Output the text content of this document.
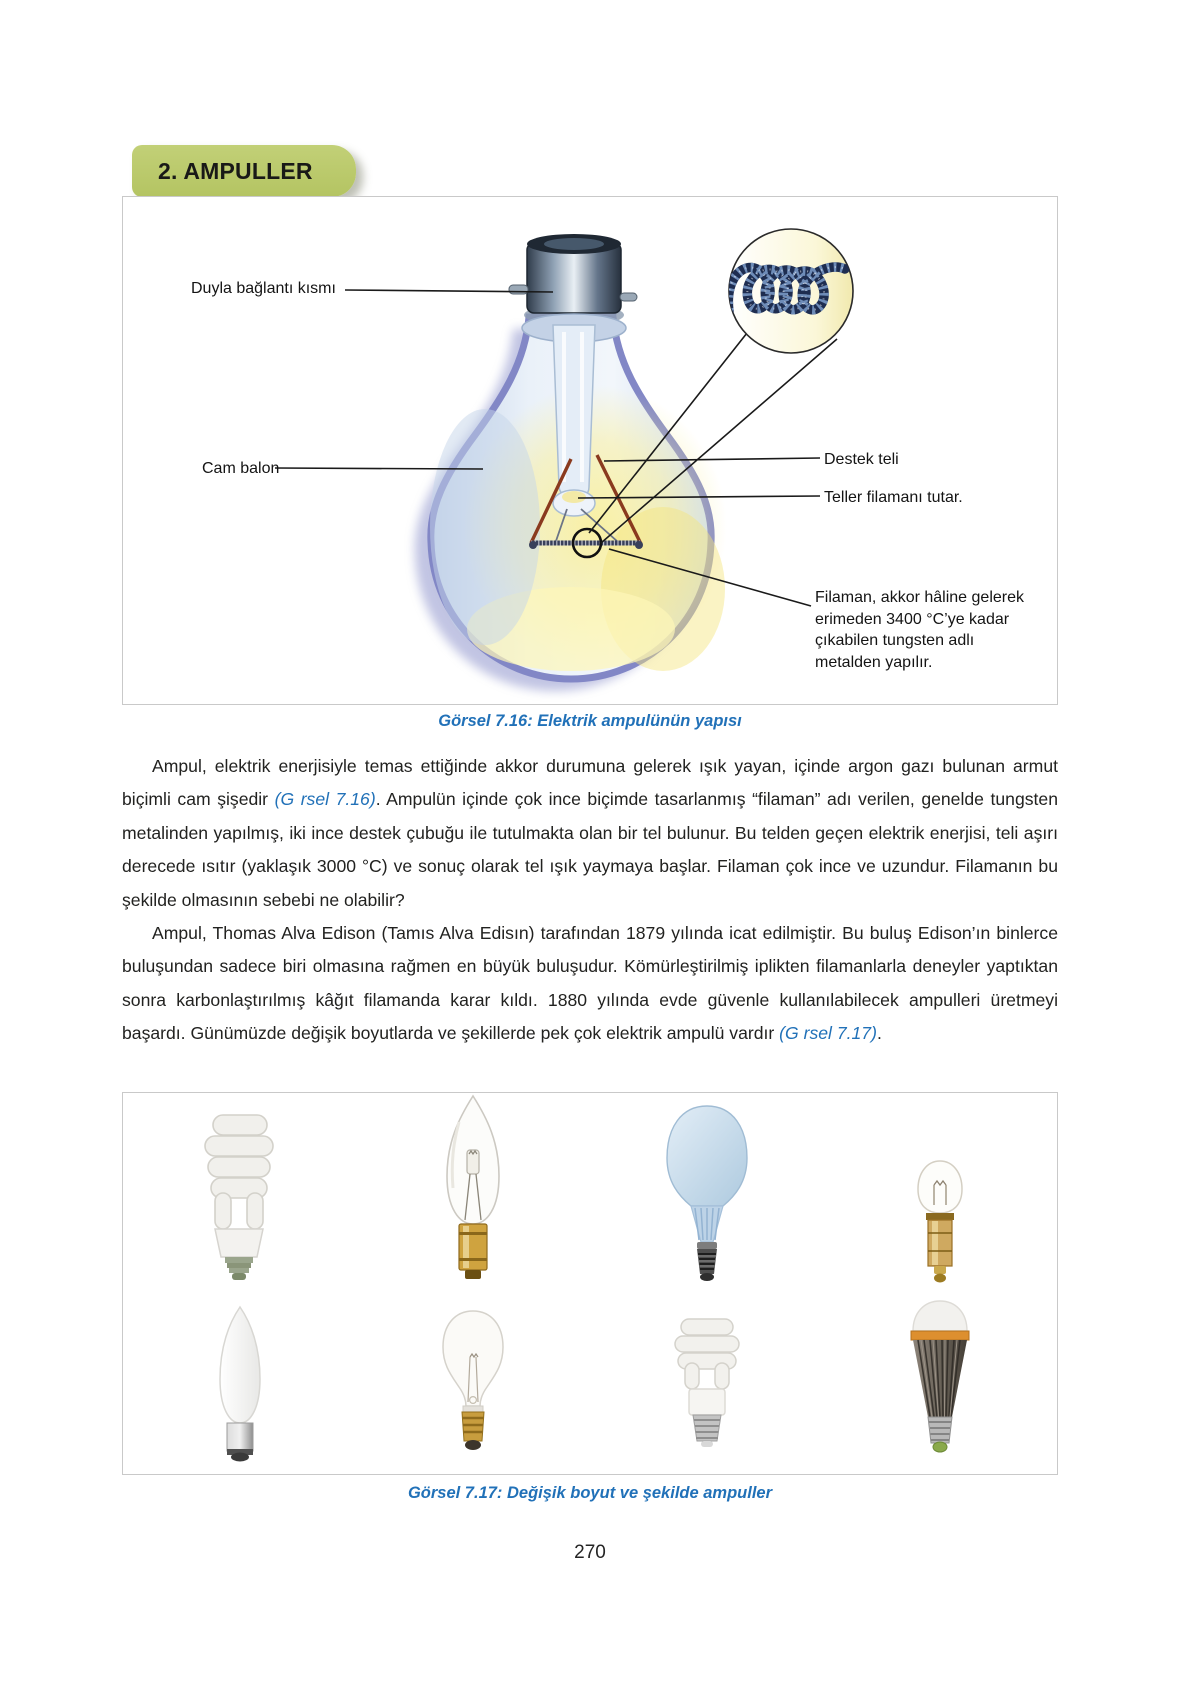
2. AMPULLER
Duyla bağlantı kısmı
Cam balon
Destek teli
Teller filamanı tutar.
Filaman, akkor hâline gelerek erimeden 3400 °C’ye kadar çıkabilen tungsten adlı metalden yapılır.
Görsel 7.16: Elektrik ampulünün yapısı

Ampul, elektrik enerjisiyle temas ettiğinde akkor durumuna gelerek ışık yayan, içinde argon gazı bulunan armut biçimli cam şişedir (G rsel 7.16). Ampulün içinde çok ince biçimde tasarlanmış “filaman” adı verilen, genelde tungsten metalinden yapılmış, iki ince destek çubuğu ile tutulmakta olan bir tel bulunur. Bu telden geçen elektrik enerjisi, teli aşırı derecede ısıtır (yaklaşık 3000 °C) ve sonuç olarak tel ışık yaymaya başlar. Filaman çok ince ve uzundur. Filamanın bu şekilde olmasının sebebi ne olabilir?

Ampul, Thomas Alva Edison (Tamıs Alva Edisın) tarafından 1879 yılında icat edilmiştir. Bu buluş Edison’ın binlerce buluşundan sadece biri olmasına rağmen en büyük buluşudur. Kömürleştirilmiş iplikten filamanlarla deneyler yaptıktan sonra karbonlaştırılmış kâğıt filamanda karar kıldı. 1880 yılında evde güvenle kullanılabilecek ampulleri üretmeyi başardı. Günümüzde değişik boyutlarda ve şekillerde pek çok elektrik ampulü vardır (G rsel 7.17).

Görsel 7.17: Değişik boyut ve şekilde ampuller
270
